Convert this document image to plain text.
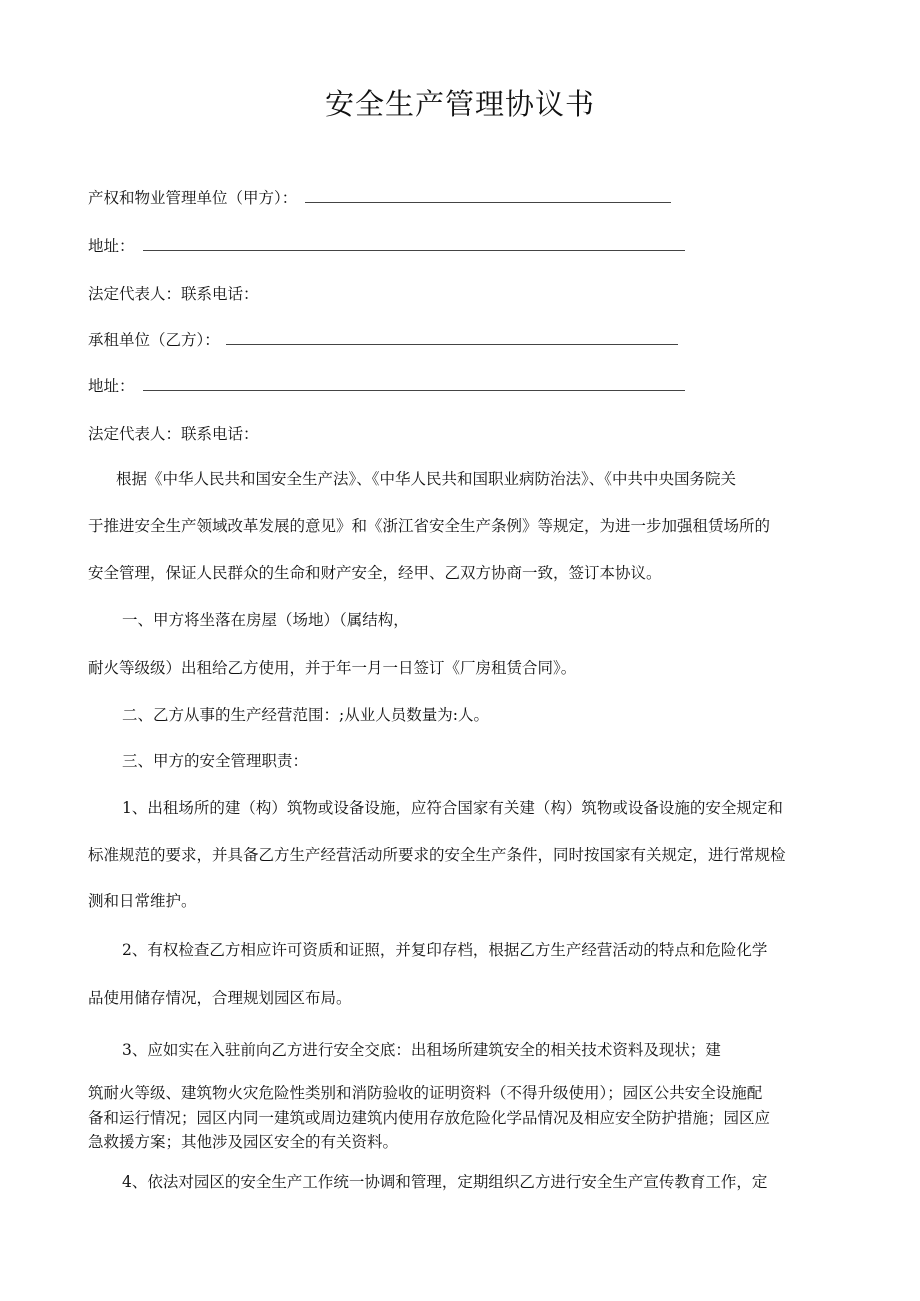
安全生产管理协议书
产权和物业管理单位（甲方）：
地址：
法定代表人：联系电话：
承租单位（乙方）：
地址：
法定代表人：联系电话：
根据《中华人民共和国安全生产法》、《中华人民共和国职业病防治法》、《中共中央国务院关
于推进安全生产领域改革发展的意见》和《浙江省安全生产条例》等规定，为进一步加强租赁场所的
安全管理，保证人民群众的生命和财产安全，经甲、乙双方协商一致，签订本协议。
一、甲方将坐落在房屋（场地）（属结构，
耐火等级级）出租给乙方使用，并于年一月一日签订《厂房租赁合同》。
二、乙方从事的生产经营范围：;从业人员数量为:人。
三、甲方的安全管理职责：
1、出租场所的建（构）筑物或设备设施，应符合国家有关建（构）筑物或设备设施的安全规定和
标准规范的要求，并具备乙方生产经营活动所要求的安全生产条件，同时按国家有关规定，进行常规检
测和日常维护。
2、有权检查乙方相应许可资质和证照，并复印存档，根据乙方生产经营活动的特点和危险化学
品使用储存情况，合理规划园区布局。
3、应如实在入驻前向乙方进行安全交底：出租场所建筑安全的相关技术资料及现状；建
筑耐火等级、建筑物火灾危险性类别和消防验收的证明资料（不得升级使用）；园区公共安全设施配
备和运行情况；园区内同一建筑或周边建筑内使用存放危险化学品情况及相应安全防护措施；园区应
急救援方案；其他涉及园区安全的有关资料。
4、依法对园区的安全生产工作统一协调和管理，定期组织乙方进行安全生产宣传教育工作，定
